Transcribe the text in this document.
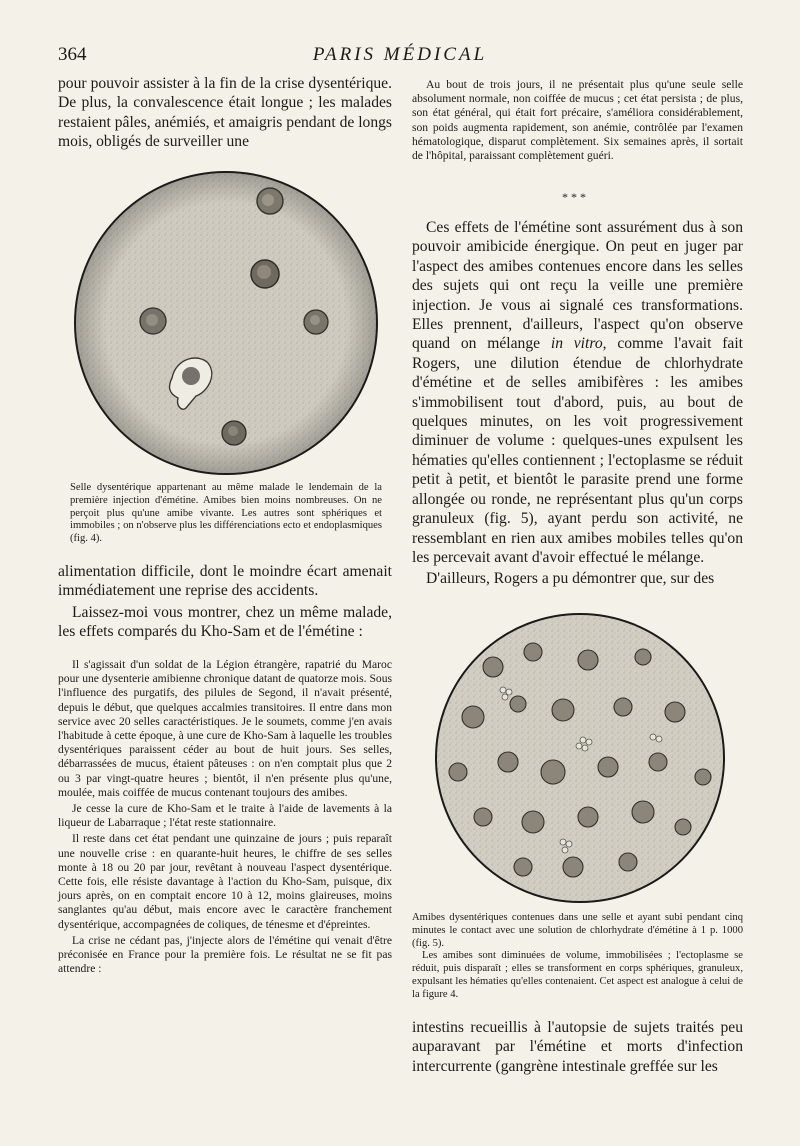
364	PARIS MÉDICAL

pour pouvoir assister à la fin de la crise dysentérique. De plus, la convalescence était longue ; les malades restaient pâles, anémiés, et amaigris pendant de longs mois, obligés de surveiller une

Selle dysentérique appartenant au même malade le lendemain de la première injection d'émétine. Amibes bien moins nombreuses. On ne perçoit plus qu'une amibe vivante. Les autres sont sphériques et immobiles ; on n'observe plus les différenciations ecto et endoplasmiques (fig. 4).

alimentation difficile, dont le moindre écart amenait immédiatement une reprise des accidents.

Laissez-moi vous montrer, chez un même malade, les effets comparés du Kho-Sam et de l'émétine :

Il s'agissait d'un soldat de la Légion étrangère, rapatrié du Maroc pour une dysenterie amibienne chronique datant de quatorze mois. Sous l'influence des purgatifs, des pilules de Segond, il n'avait présenté, depuis le début, que quelques accalmies transitoires. Il entre dans mon service avec 20 selles caractéristiques. Je le soumets, comme j'en avais l'habitude à cette époque, à une cure de Kho-Sam à laquelle les troubles dysentériques paraissent céder au bout de huit jours. Ses selles, débarrassées de mucus, étaient pâteuses : on n'en comptait plus que 2 ou 3 par vingt-quatre heures ; bientôt, il n'en présente plus qu'une, moulée, mais coiffée de mucus contenant toujours des amibes.

Je cesse la cure de Kho-Sam et le traite à l'aide de lavements à la liqueur de Labarraque ; l'état reste stationnaire.

Il reste dans cet état pendant une quinzaine de jours ; puis reparaît une nouvelle crise : en quarante-huit heures, le chiffre de ses selles monte à 18 ou 20 par jour, revêtant à nouveau l'aspect dysentérique. Cette fois, elle résiste davantage à l'action du Kho-Sam, puisque, dix jours après, on en comptait encore 10 à 12, moins glaireuses, moins sanglantes qu'au début, mais encore avec le caractère franchement dysentérique, accompagnées de coliques, de ténesme et d'épreintes.

La crise ne cédant pas, j'injecte alors de l'émétine qui venait d'être préconisée en France pour la première fois. Le résultat ne se fit pas attendre :

Au bout de trois jours, il ne présentait plus qu'une seule selle absolument normale, non coiffée de mucus ; cet état persista ; de plus, son état général, qui était fort précaire, s'améliora considérablement, son poids augmenta rapidement, son anémie, contrôlée par l'examen hématologique, disparut complètement. Six semaines après, il sortait de l'hôpital, paraissant complètement guéri.

* * *

Ces effets de l'émétine sont assurément dus à son pouvoir amibicide énergique. On peut en juger par l'aspect des amibes contenues encore dans les selles des sujets qui ont reçu la veille une première injection. Je vous ai signalé ces transformations. Elles prennent, d'ailleurs, l'aspect qu'on observe quand on mélange in vitro, comme l'avait fait Rogers, une dilution étendue de chlorhydrate d'émétine et de selles amibifères : les amibes s'immobilisent tout d'abord, puis, au bout de quelques minutes, on les voit progressivement diminuer de volume : quelques-unes expulsent les hématies qu'elles contiennent ; l'ectoplasme se réduit petit à petit, et bientôt le parasite prend une forme allongée ou ronde, ne représentant plus qu'un corps granuleux (fig. 5), ayant perdu son activité, ne ressemblant en rien aux amibes mobiles telles qu'on les percevait avant d'avoir effectué le mélange.

D'ailleurs, Rogers a pu démontrer que, sur des

Amibes dysentériques contenues dans une selle et ayant subi pendant cinq minutes le contact avec une solution de chlorhydrate d'émétine à 1 p. 1000 (fig. 5).

Les amibes sont diminuées de volume, immobilisées ; l'ectoplasme se réduit, puis disparaît ; elles se transforment en corps sphériques, granuleux, expulsant les hématies qu'elles contenaient. Cet aspect est analogue à celui de la figure 4.

intestins recueillis à l'autopsie de sujets traités peu auparavant par l'émétine et morts d'infection intercurrente (gangrène intestinale greffée sur les
